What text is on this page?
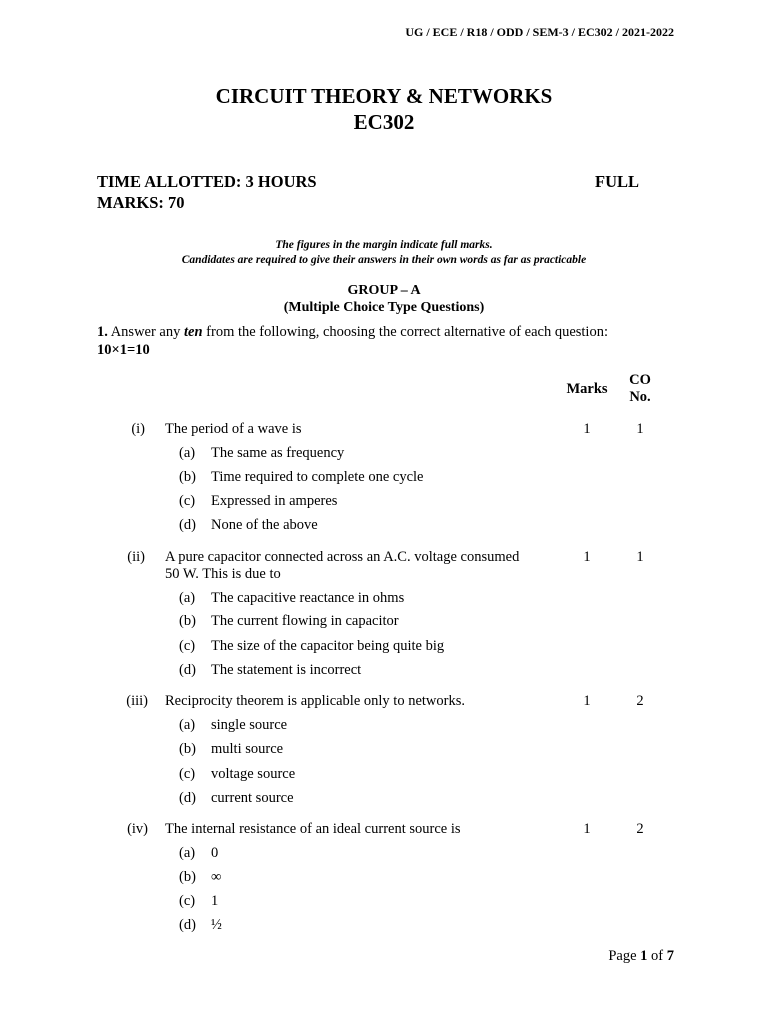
UG / ECE / R18 / ODD / SEM-3 / EC302 / 2021-2022
CIRCUIT THEORY & NETWORKS
EC302
TIME ALLOTTED: 3 HOURS	FULL
MARKS: 70
The figures in the margin indicate full marks.
Candidates are required to give their answers in their own words as far as practicable
GROUP – A
(Multiple Choice Type Questions)
1. Answer any ten from the following, choosing the correct alternative of each question:
10×1=10
Marks
CO
No.
(i) The period of a wave is	1	1
(a) The same as frequency
(b) Time required to complete one cycle
(c) Expressed in amperes
(d) None of the above
(ii) A pure capacitor connected across an A.C. voltage consumed
50 W. This is due to
1	1
(a) The capacitive reactance in ohms
(b) The current flowing in capacitor
(c) The size of the capacitor being quite big
(d) The statement is incorrect
(iii) Reciprocity theorem is applicable only to networks.	1	2
(a) single source
(b) multi source
(c) voltage source
(d) current source
(iv) The internal resistance of an ideal current source is	1	2
(a) 0
(b) ∞
(c) 1
(d) ½
Page 1 of 7
